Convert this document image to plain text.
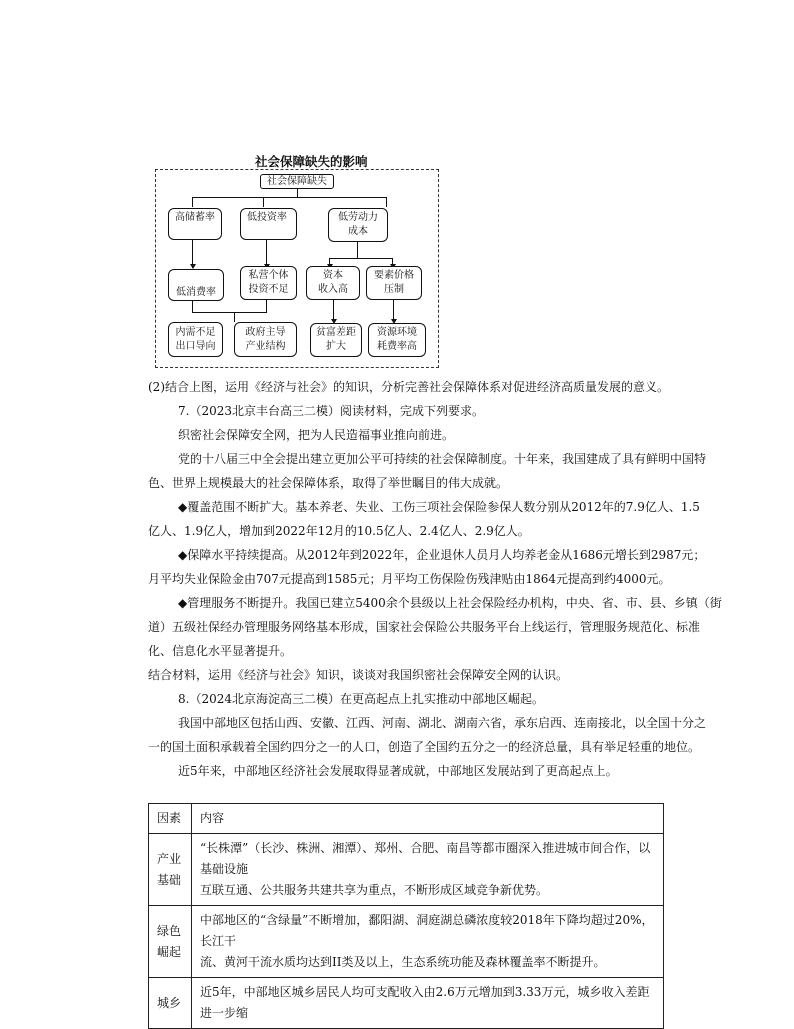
社会保障缺失的影响
社会保障缺失
高储蓄率	低投资率	低劳动力
成本
低消费率
私营个体
投资不足
资本
收入高
要素价格
压制
内需不足
出口导向
政府主导
产业结构
贫富差距
扩大
资源环境
耗费率高
(2)结合上图，运用《经济与社会》的知识，分析完善社会保障体系对促进经济高质量发展的意义。
7.（2023北京丰台高三二模）阅读材料，完成下列要求。
织密社会保障安全网，把为人民造福事业推向前进。
党的十八届三中全会提出建立更加公平可持续的社会保障制度。十年来，我国建成了具有鲜明中国特
色、世界上规模最大的社会保障体系，取得了举世瞩目的伟大成就。
◆覆盖范围不断扩大。基本养老、失业、工伤三项社会保险参保人数分别从2012年的7.9亿人、1.5
亿人、1.9亿人，增加到2022年12月的10.5亿人、2.4亿人、2.9亿人。
◆保障水平持续提高。从2012年到2022年，企业退休人员月人均养老金从1686元增长到2987元；
月平均失业保险金由707元提高到1585元；月平均工伤保险伤残津贴由1864元提高到约4000元。
◆管理服务不断提升。我国已建立5400余个县级以上社会保险经办机构，中央、省、市、县、乡镇（街
道）五级社保经办管理服务网络基本形成，国家社会保险公共服务平台上线运行，管理服务规范化、标准
化、信息化水平显著提升。
结合材料，运用《经济与社会》知识，谈谈对我国织密社会保障安全网的认识。
8.（2024北京海淀高三二模）在更高起点上扎实推动中部地区崛起。
我国中部地区包括山西、安徽、江西、河南、湖北、湖南六省，承东启西、连南接北，以全国十分之
一的国土面积承载着全国约四分之一的人口，创造了全国约五分之一的经济总量，具有举足轻重的地位。
近5年来，中部地区经济社会发展取得显著成就，中部地区发展站到了更高起点上。
因素	内容
产业基础	“长株潭”（长沙、株洲、湘潭）、郑州、合肥、南昌等都市圈深入推进城市间合作，以基础设施
互联互通、公共服务共建共享为重点，不断形成区域竞争新优势。

绿色崛起	中部地区的“含绿量”不断增加，鄱阳湖、洞庭湖总磷浓度较2018年下降均超过20%，长江干
流、黄河干流水质均达到II类及以上，生态系统功能及森林覆盖率不断提升。

城乡	近5年，中部地区城乡居民人均可支配收入由2.6万元增加到3.33万元，城乡收入差距进一步缩
